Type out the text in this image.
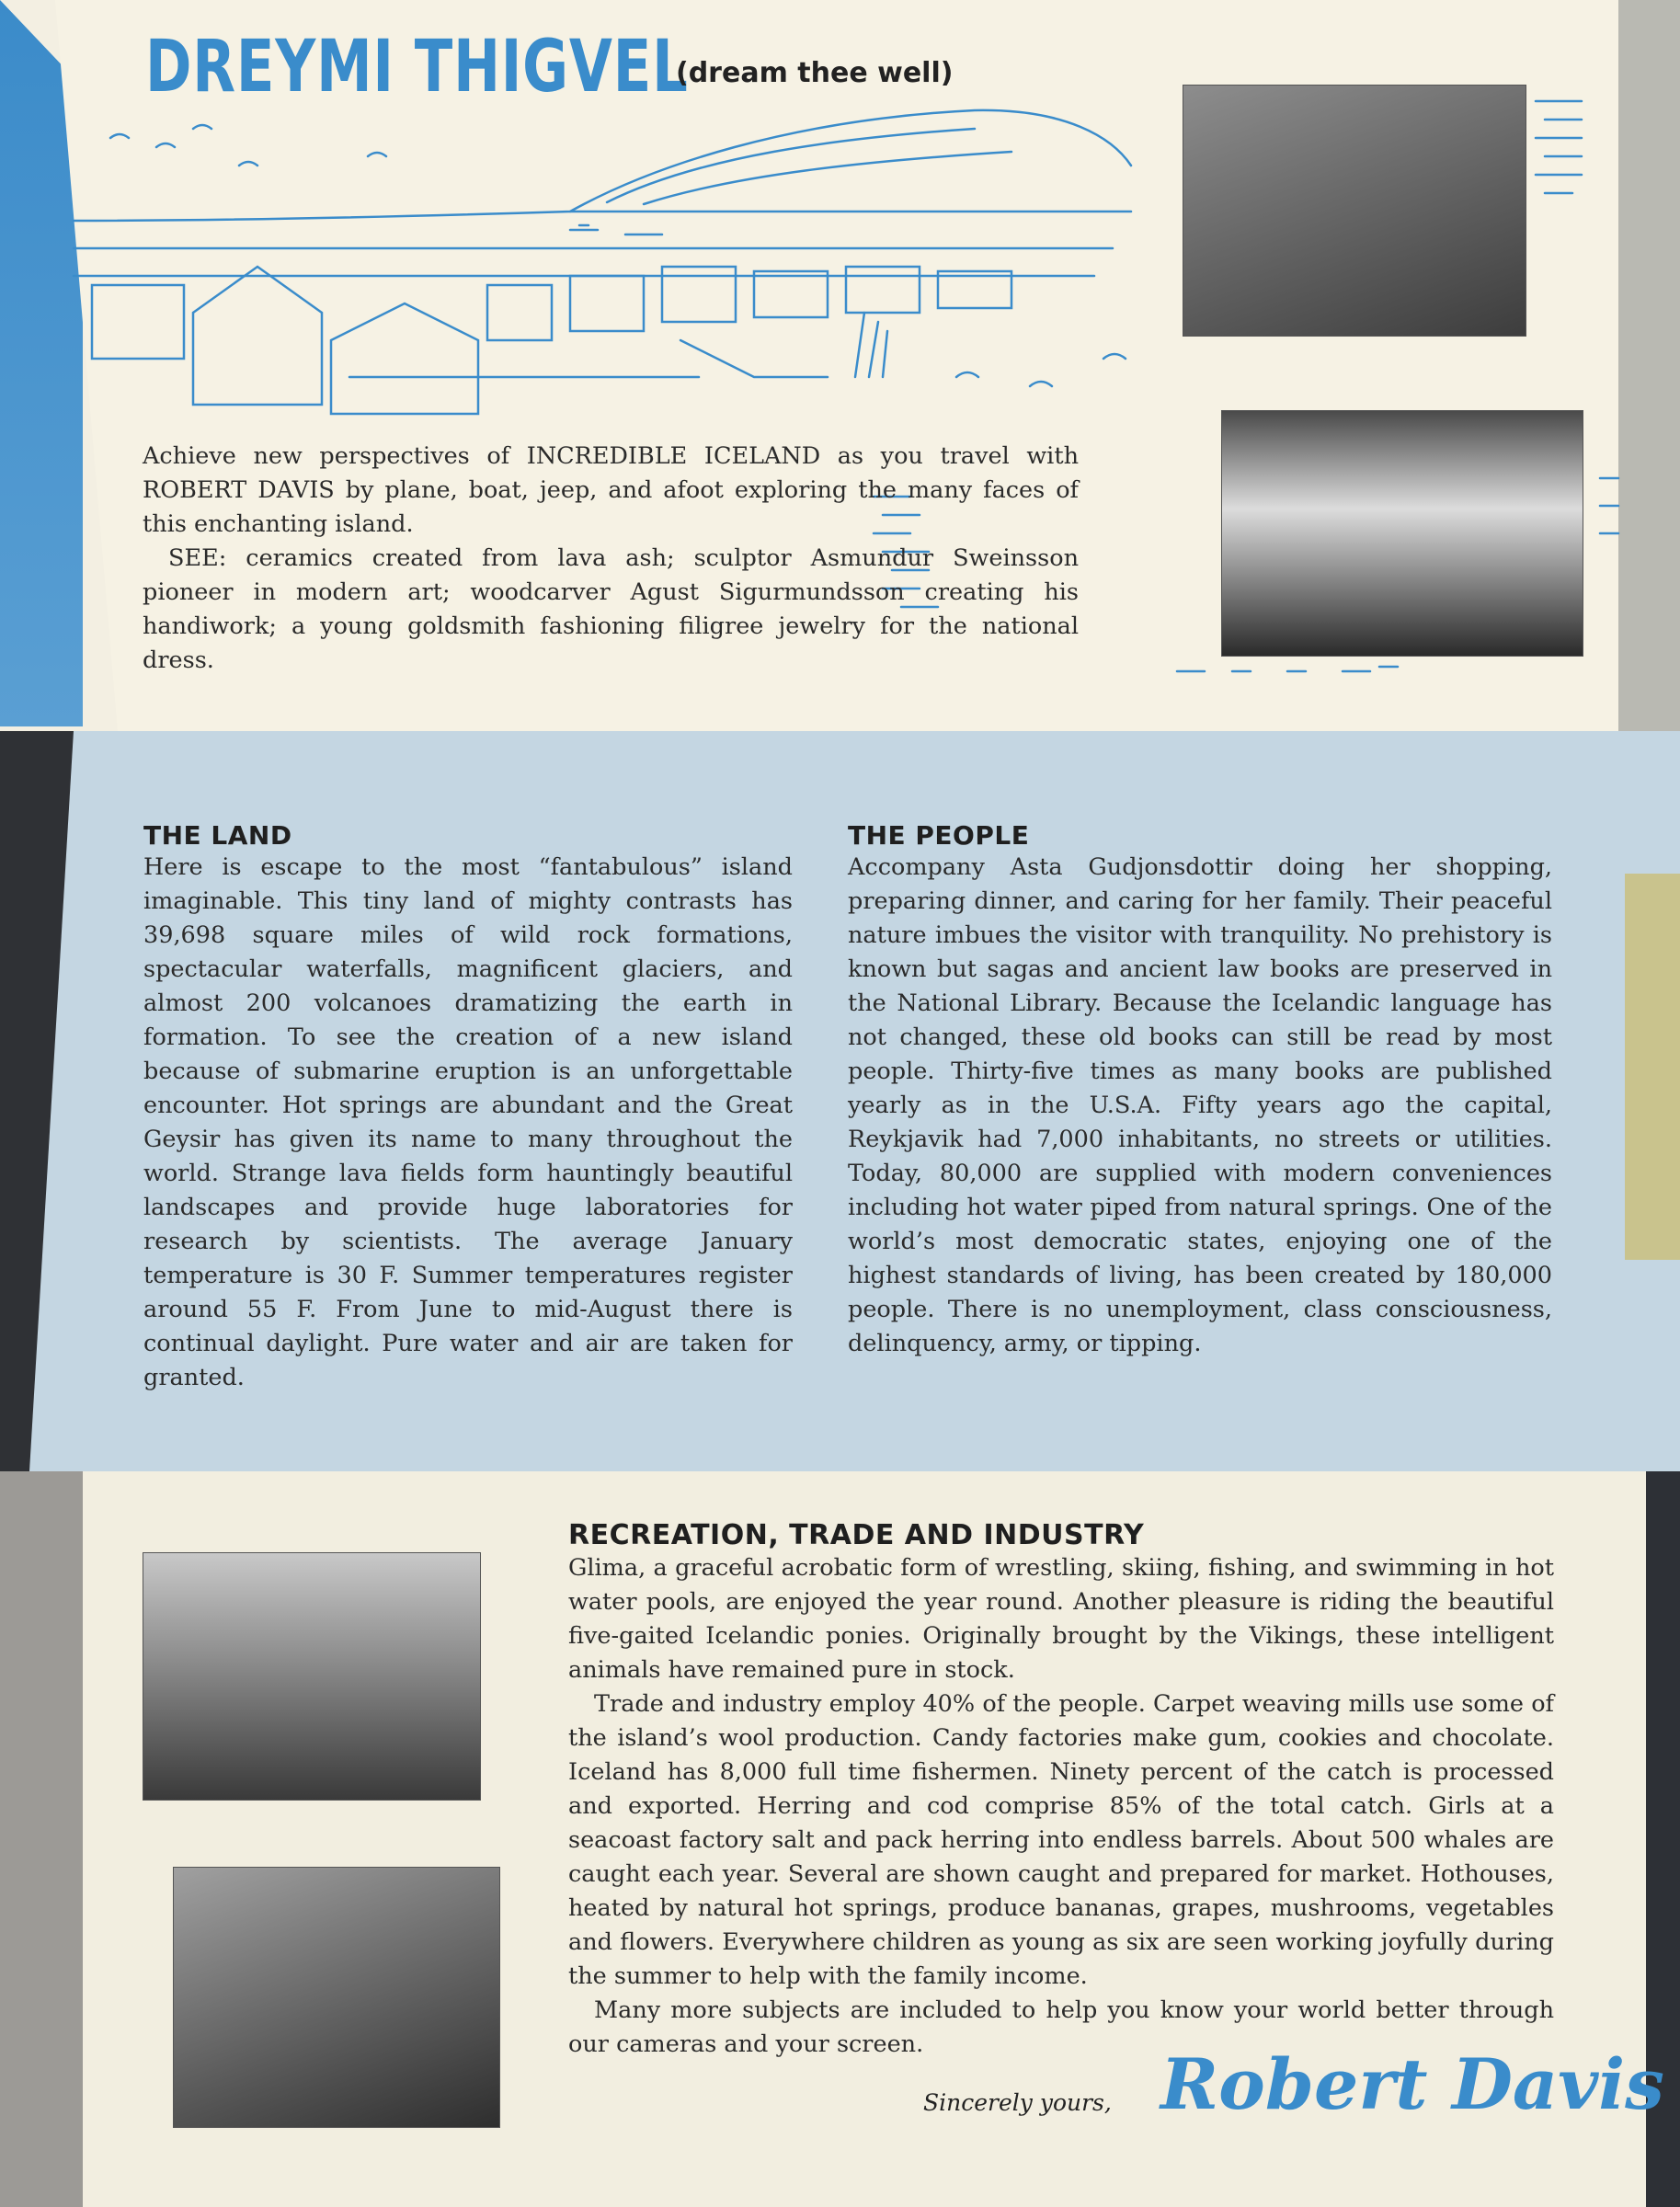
DREYMI THIGVEL
(dream thee well)

Achieve new perspectives of INCREDIBLE ICELAND as you travel with ROBERT DAVIS by plane, boat, jeep, and afoot exploring the many faces of this enchanting island.

SEE: ceramics created from lava ash; sculptor Asmundur Sweinsson pioneer in modern art; woodcarver Agust Sigurmundsson creating his handiwork; a young goldsmith fashioning filigree jewelry for the national dress.

THE LAND
Here is escape to the most “fantabulous” island imaginable. This tiny land of mighty contrasts has 39,698 square miles of wild rock formations, spectacular waterfalls, magnificent glaciers, and almost 200 volcanoes dramatizing the earth in formation. To see the creation of a new island because of submarine eruption is an unforgettable encounter. Hot springs are abundant and the Great Geysir has given its name to many throughout the world. Strange lava fields form hauntingly beautiful landscapes and provide huge laboratories for research by scientists. The average January temperature is 30 F. Summer temperatures register around 55 F. From June to mid-August there is continual daylight. Pure water and air are taken for granted.
THE PEOPLE
Accompany Asta Gudjonsdottir doing her shopping, preparing dinner, and caring for her family. Their peaceful nature imbues the visitor with tranquility. No prehistory is known but sagas and ancient law books are preserved in the National Library. Because the Icelandic language has not changed, these old books can still be read by most people. Thirty-five times as many books are published yearly as in the U.S.A. Fifty years ago the capital, Reykjavik had 7,000 inhabitants, no streets or utilities. Today, 80,000 are supplied with modern conveniences including hot water piped from natural springs. One of the world’s most democratic states, enjoying one of the highest standards of living, has been created by 180,000 people. There is no unemployment, class consciousness, delinquency, army, or tipping.
RECREATION, TRADE AND INDUSTRY

Glima, a graceful acrobatic form of wrestling, skiing, fishing, and swimming in hot water pools, are enjoyed the year round. Another pleasure is riding the beautiful five-gaited Icelandic ponies. Originally brought by the Vikings, these intelligent animals have remained pure in stock.

Trade and industry employ 40% of the people. Carpet weaving mills use some of the island’s wool production. Candy factories make gum, cookies and chocolate. Iceland has 8,000 full time fishermen. Ninety percent of the catch is processed and exported. Herring and cod comprise 85% of the total catch. Girls at a seacoast factory salt and pack herring into endless barrels. About 500 whales are caught each year. Several are shown caught and prepared for market. Hothouses, heated by natural hot springs, produce bananas, grapes, mushrooms, vegetables and flowers. Everywhere children as young as six are seen working joyfully during the summer to help with the family income.

Many more subjects are included to help you know your world better through our cameras and your screen.

Sincerely yours, Robert Davis
